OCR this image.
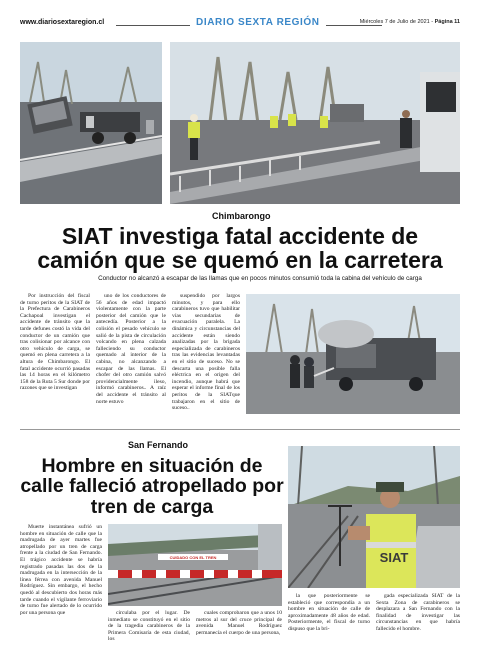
www.diariosextaregion.cl	DIARIO SEXTA REGIÓN	Miércoles 7 de Julio de 2021 - Página 11
Chimbarongo
SIAT investiga fatal accidente de camión que se quemó en la carretera
Conductor no alcanzó a escapar de las llamas que en pocos minutos consumió toda la cabina del vehículo de carga

Por instrucción del fiscal de turno peritos de la SIAT de la Prefectura de Carabineros Cachapoal investigan el accidente de tránsito que la tarde defunes costó la vida del conductor de un camión que tras colisionar por alcance con otro vehículo de carga, se quemó en plena carretera a la altura de Chimbarongo. El fatal accidente ocurrió pasadas las 14 horas en el kilómetro 158 de la Ruta 5 Sur donde por razones que se investigan

uno de los conductores de 56 años de edad impactó violentamente con la parte posterior del camión que le antecedía. Posterior a la colisión el pesado vehículo se salió de la pista de circulación volcando en plena calzada falleciendo su conductor quemado al interior de la cabina, no alcanzando a escapar de las llamas. El chofer del otro camión salvó providencialmente ileso, informó carabineros.. A raíz del accidente el tránsito al norte estuvo

suspendido por largos minutos, y para ello carabineros tuvo que habilitar vías secundarias de evacuación paralela. La dinámica y circunstancias del accidente están siendo analizadas por la brigada especializada de carabineros tras las evidencias levantadas en el sitio de suceso. No se descarta una posible falla eléctrica en el origen del incendio, aunque habrá que esperar el informe final de los peritos de la SIATque trabajaron en el sitio de suceso..

San Fernando
Hombre en situación de calle falleció atropellado por tren de carga

Muerte instantánea sufrió un hombre en situación de calle que la madrugada de ayer martes fue atropellado por un tren de carga frente a la ciudad de San Fernando. El trágico accidente se habría registrado pasadas las dos de la madrugada en la intersección de la línea férrea con avenida Manuel Rodríguez. Sin embargo, el hecho quedó al descubierto dos horas más tarde cuando el vigilante ferroviario de turno fue alertado de lo ocurrido por una persona que

CUIDADO CON EL TREN

circulaba por el lugar. De inmediato se constituyó en el sitio de la tragedia carabineros de la Primera Comisaría de esta ciudad, los

cuales comprobaron que a unos 10 metros al sur del cruce principal de avenida Manuel Rodríguez permanecía el cuerpo de una persona,

SIAT

la que posteriormente se estableció que correspondía a un hombre en situación de calle de aproximadamente 48 años de edad. Posteriormente, el fiscal de turno dispuso que la bri-

gada especializada SIAT de la Sexta Zona de carabineros se desplazara a San Fernando con la finalidad de investigar las circunstancias en que habría fallecido el hombre.
